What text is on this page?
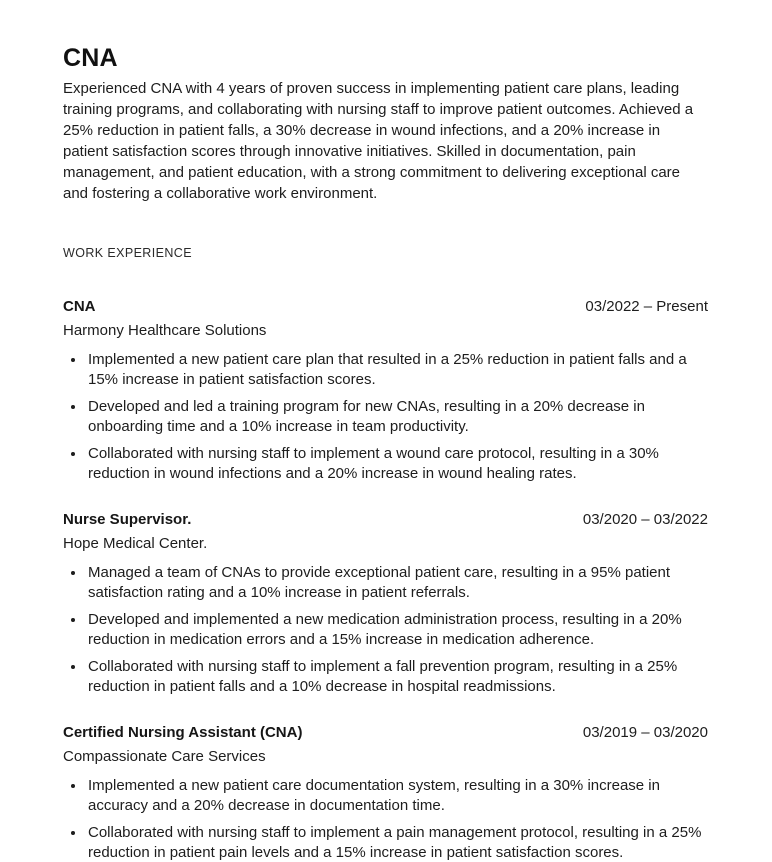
CNA

Experienced CNA with 4 years of proven success in implementing patient care plans, leading training programs, and collaborating with nursing staff to improve patient outcomes. Achieved a 25% reduction in patient falls, a 30% decrease in wound infections, and a 20% increase in patient satisfaction scores through innovative initiatives. Skilled in documentation, pain management, and patient education, with a strong commitment to delivering exceptional care and fostering a collaborative work environment.

WORK EXPERIENCE
CNA	03/2022 – Present
Harmony Healthcare Solutions
Implemented a new patient care plan that resulted in a 25% reduction in patient falls and a 15% increase in patient satisfaction scores.
Developed and led a training program for new CNAs, resulting in a 20% decrease in onboarding time and a 10% increase in team productivity.
Collaborated with nursing staff to implement a wound care protocol, resulting in a 30% reduction in wound infections and a 20% increase in wound healing rates.
Nurse Supervisor.	03/2020 – 03/2022
Hope Medical Center.
Managed a team of CNAs to provide exceptional patient care, resulting in a 95% patient satisfaction rating and a 10% increase in patient referrals.
Developed and implemented a new medication administration process, resulting in a 20% reduction in medication errors and a 15% increase in medication adherence.
Collaborated with nursing staff to implement a fall prevention program, resulting in a 25% reduction in patient falls and a 10% decrease in hospital readmissions.
Certified Nursing Assistant (CNA)	03/2019 – 03/2020
Compassionate Care Services
Implemented a new patient care documentation system, resulting in a 30% increase in accuracy and a 20% decrease in documentation time.
Collaborated with nursing staff to implement a pain management protocol, resulting in a 25% reduction in patient pain levels and a 15% increase in patient satisfaction scores.
